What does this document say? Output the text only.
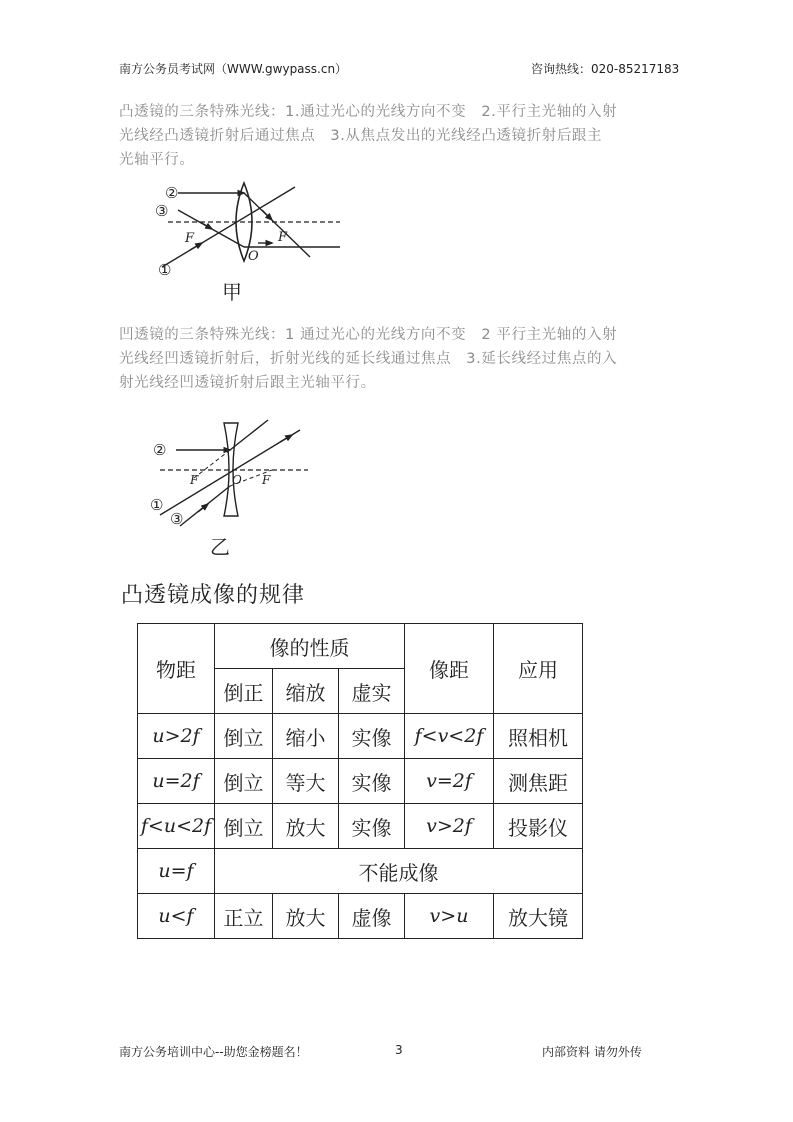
南方公务员考试网（WWW.gwypass.cn）	咨询热线：020-85217183
凸透镜的三条特殊光线：1.通过光心的光线方向不变　2.平行主光轴的入射
光线经凸透镜折射后通过焦点　3.从焦点发出的光线经凸透镜折射后跟主
光轴平行。
②
③
①
F	F
O
甲
凹透镜的三条特殊光线：1 通过光心的光线方向不变　2 平行主光轴的入射
光线经凹透镜折射后，折射光线的延长线通过焦点　3.延长线经过焦点的入
射光线经凹透镜折射后跟主光轴平行。
②
①
③
F	F
O
乙
凸透镜成像的规律
物距	像的性质			像距	应用
	倒正	缩放	虚实		
u>2f	倒立	缩小	实像	f<v<2f	照相机
u=2f	倒立	等大	实像	v=2f	测焦距
f<u<2f	倒立	放大	实像	v>2f	投影仪
u=f	不能成像				
u<f	正立	放大	虚像	v>u	放大镜
南方公务培训中心--助您金榜题名！	3	内部资料 请勿外传
